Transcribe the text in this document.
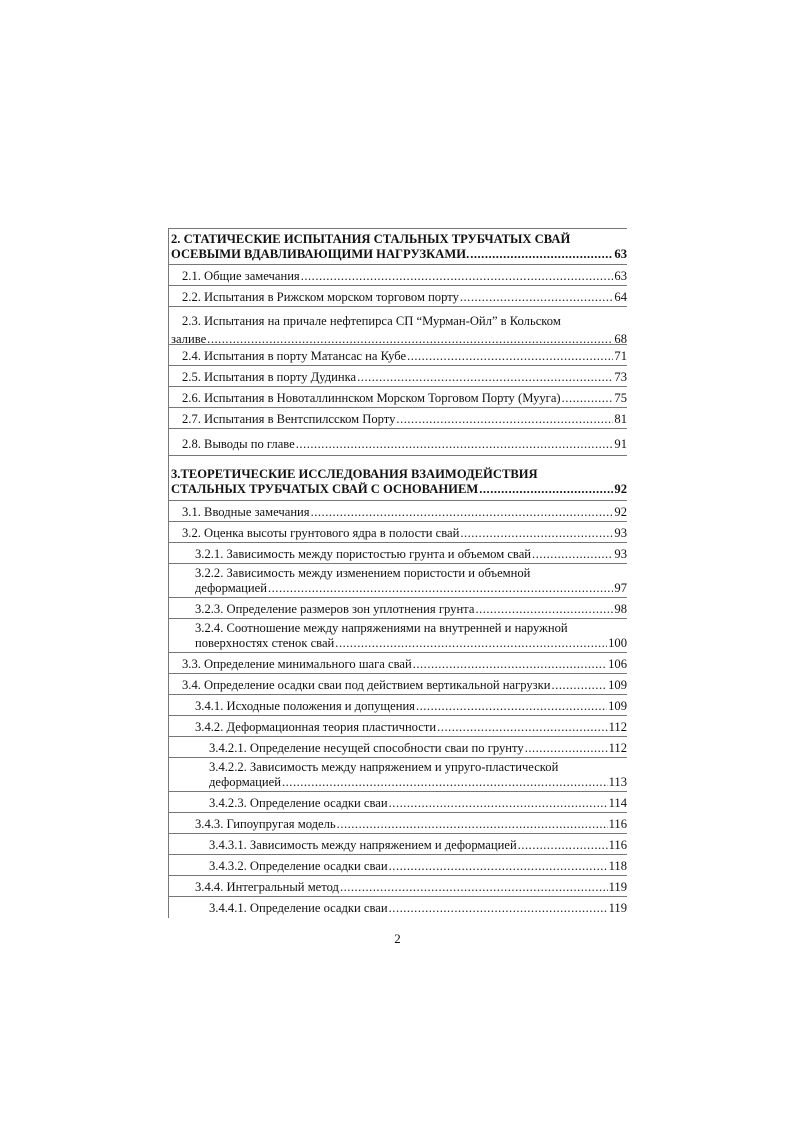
2. СТАТИЧЕСКИЕ ИСПЫТАНИЯ СТАЛЬНЫХ ТРУБЧАТЫХ СВАЙ
ОСЕВЫМИ ВДАВЛИВАЮЩИМИ НАГРУЗКАМИ. .....	63
2.1. Общие замечания .....	63
2.2. Испытания в Рижском морском торговом порту .....	64
2.3. Испытания на причале нефтепирса СП “Мурман-Ойл” в Кольском
заливе .....	68
2.4. Испытания в порту Матансас на Кубе .....	71
2.5. Испытания в порту Дудинка .....	73
2.6. Испытания в Новоталлиннском Морском Торговом Порту (Мууга) .....	75
2.7. Испытания в Вентспилсском Порту .....	81
2.8. Выводы по главе .....	91
3.ТЕОРЕТИЧЕСКИЕ ИССЛЕДОВАНИЯ ВЗАИМОДЕЙСТВИЯ
СТАЛЬНЫХ ТРУБЧАТЫХ СВАЙ С ОСНОВАНИЕМ .....	92
3.1. Вводные замечания .....	92
3.2. Оценка высоты грунтового ядра в полости свай .....	93
3.2.1. Зависимость между пористостью грунта и объемом свай .....	93
3.2.2. Зависимость между изменением пористости и объемной
деформацией .....	97
3.2.3. Определение размеров зон уплотнения грунта .....	98
3.2.4. Соотношение между напряжениями на внутренней и наружной
поверхностях стенок свай .....	100
3.3. Определение минимального шага свай .....	106
3.4. Определение осадки сваи под действием вертикальной нагрузки .....	109
3.4.1. Исходные положения и допущения .....	109
3.4.2. Деформационная теория пластичности .....	112
3.4.2.1. Определение несущей способности сваи по грунту .....	112
3.4.2.2. Зависимость между напряжением и упруго-пластической
деформацией .....	113
3.4.2.3. Определение осадки сваи .....	114
3.4.3. Гипоупругая модель .....	116
3.4.3.1. Зависимость между напряжением и деформацией .....	116
3.4.3.2. Определение осадки сваи .....	118
3.4.4. Интегральный метод .....	119
3.4.4.1. Определение осадки сваи .....	119
2
